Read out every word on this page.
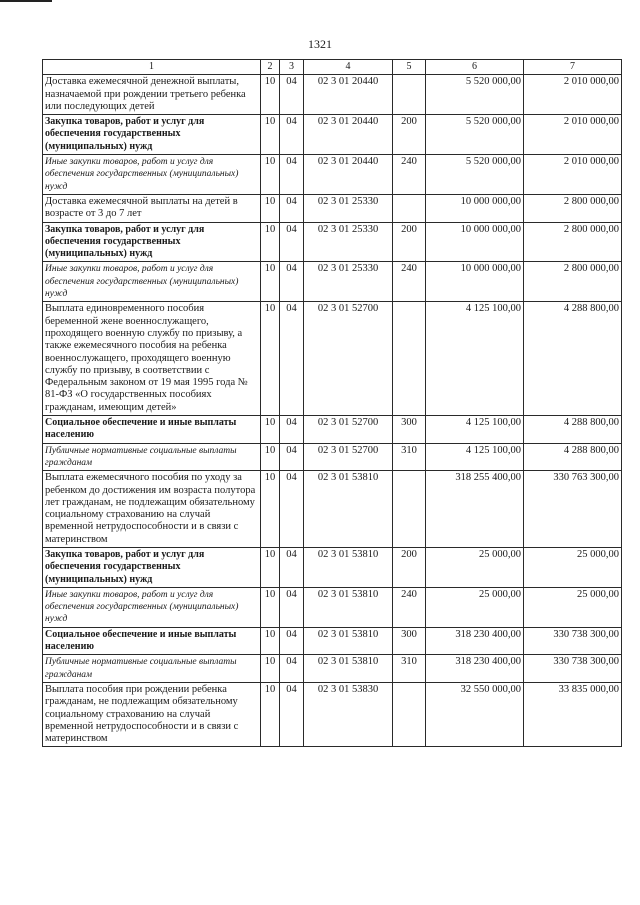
1321
1	2	3	4	5	6	7
Доставка ежемесячной денежной выплаты, назначаемой при рождении третьего ребенка или последующих детей	10	04	02 3 01 20440		5 520 000,00	2 010 000,00
Закупка товаров, работ и услуг для обеспечения государственных (муниципальных) нужд	10	04	02 3 01 20440	200	5 520 000,00	2 010 000,00
Иные закупки товаров, работ и услуг для обеспечения государственных (муниципальных) нужд	10	04	02 3 01 20440	240	5 520 000,00	2 010 000,00
Доставка ежемесячной выплаты на детей в возрасте от 3 до 7 лет	10	04	02 3 01 25330		10 000 000,00	2 800 000,00
Закупка товаров, работ и услуг для обеспечения государственных (муниципальных) нужд	10	04	02 3 01 25330	200	10 000 000,00	2 800 000,00
Иные закупки товаров, работ и услуг для обеспечения государственных (муниципальных) нужд	10	04	02 3 01 25330	240	10 000 000,00	2 800 000,00
Выплата единовременного пособия беременной жене военнослужащего, проходящего военную службу по призыву, а также ежемесячного пособия на ребенка военнослужащего, проходящего военную службу по призыву, в соответствии с Федеральным законом от 19 мая 1995 года № 81-ФЗ «О государственных пособиях гражданам, имеющим детей»	10	04	02 3 01 52700		4 125 100,00	4 288 800,00
Социальное обеспечение и иные выплаты населению	10	04	02 3 01 52700	300	4 125 100,00	4 288 800,00
Публичные нормативные социальные выплаты гражданам	10	04	02 3 01 52700	310	4 125 100,00	4 288 800,00
Выплата ежемесячного пособия по уходу за ребенком до достижения им возраста полутора лет гражданам, не подлежащим обязательному социальному страхованию на случай временной нетрудоспособности и в связи с материнством	10	04	02 3 01 53810		318 255 400,00	330 763 300,00
Закупка товаров, работ и услуг для обеспечения государственных (муниципальных) нужд	10	04	02 3 01 53810	200	25 000,00	25 000,00
Иные закупки товаров, работ и услуг для обеспечения государственных (муниципальных) нужд	10	04	02 3 01 53810	240	25 000,00	25 000,00
Социальное обеспечение и иные выплаты населению	10	04	02 3 01 53810	300	318 230 400,00	330 738 300,00
Публичные нормативные социальные выплаты гражданам	10	04	02 3 01 53810	310	318 230 400,00	330 738 300,00
Выплата пособия при рождении ребенка гражданам, не подлежащим обязательному социальному страхованию на случай временной нетрудоспособности и в связи с материнством	10	04	02 3 01 53830		32 550 000,00	33 835 000,00
